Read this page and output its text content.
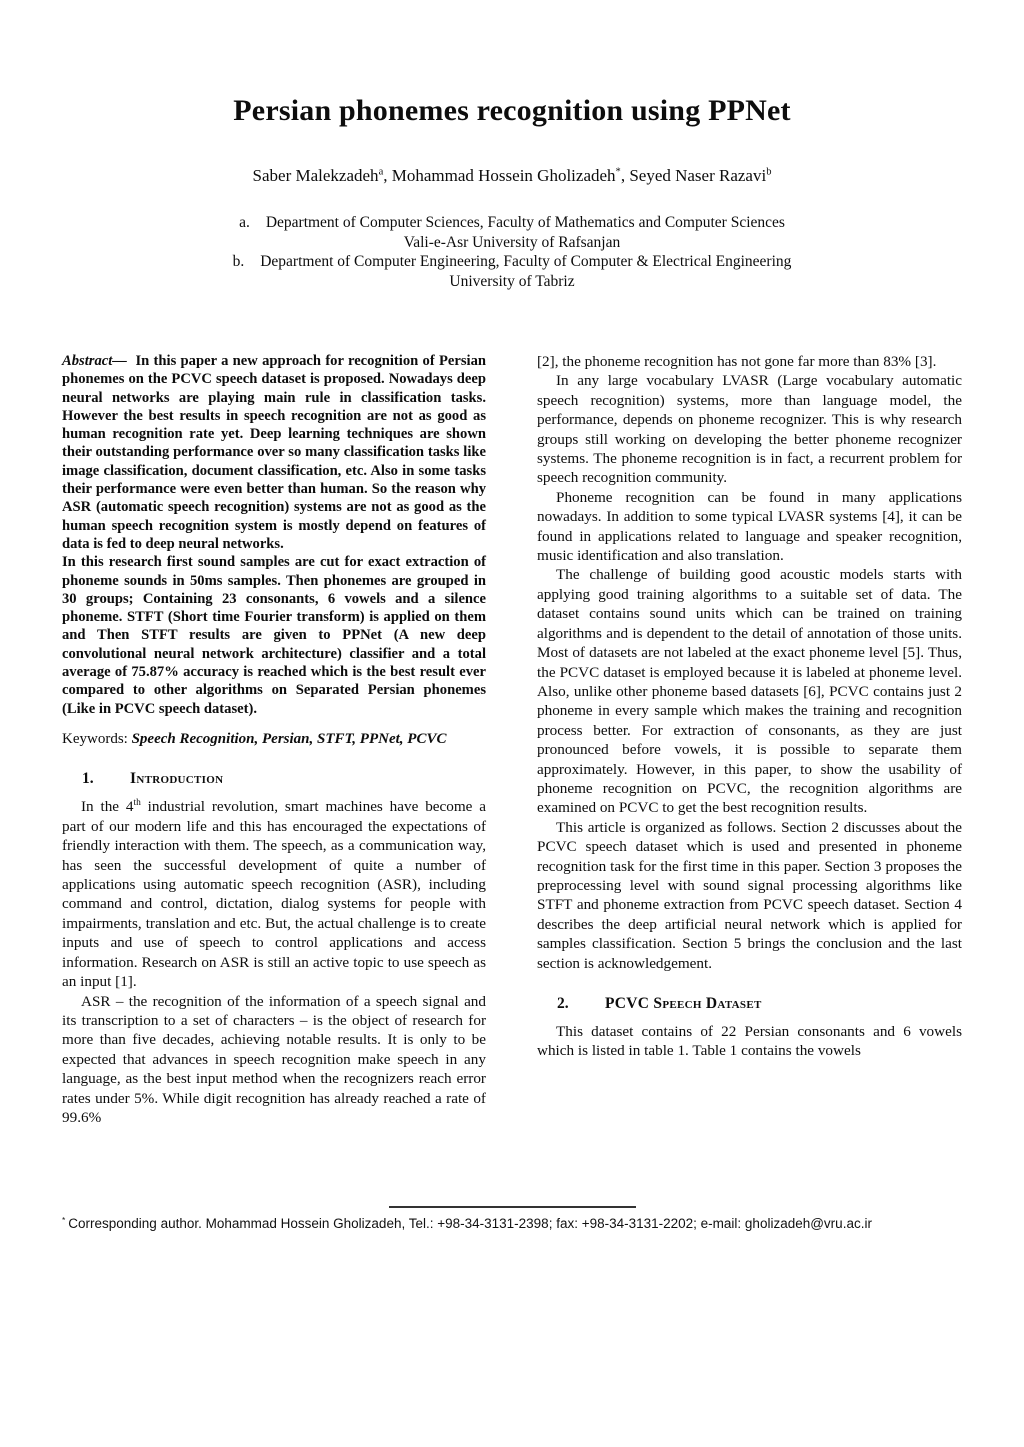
Persian phonemes recognition using PPNet
Saber Malekzadeh$^a$, Mohammad Hossein Gholizadeh*, Seyed Naser Razavi$^b$
a. Department of Computer Sciences, Faculty of Mathematics and Computer Sciences
Vali-e-Asr University of Rafsanjan
b. Department of Computer Engineering, Faculty of Computer & Electrical Engineering
University of Tabriz

Abstract— In this paper a new approach for recognition of Persian phonemes on the PCVC speech dataset is proposed. Nowadays deep neural networks are playing main rule in classification tasks. However the best results in speech recognition are not as good as human recognition rate yet. Deep learning techniques are shown their outstanding performance over so many classification tasks like image classification, document classification, etc. Also in some tasks their performance were even better than human. So the reason why ASR (automatic speech recognition) systems are not as good as the human speech recognition system is mostly depend on features of data is fed to deep neural networks.

In this research first sound samples are cut for exact extraction of phoneme sounds in 50ms samples. Then phonemes are grouped in 30 groups; Containing 23 consonants, 6 vowels and a silence phoneme. STFT (Short time Fourier transform) is applied on them and Then STFT results are given to PPNet (A new deep convolutional neural network architecture) classifier and a total average of 75.87% accuracy is reached which is the best result ever compared to other algorithms on Separated Persian phonemes (Like in PCVC speech dataset).

Keywords: Speech Recognition, Persian, STFT, PPNet, PCVC

1. Introduction

In the 4th industrial revolution, smart machines have become a part of our modern life and this has encouraged the expectations of friendly interaction with them. The speech, as a communication way, has seen the successful development of quite a number of applications using automatic speech recognition (ASR), including command and control, dictation, dialog systems for people with impairments, translation and etc. But, the actual challenge is to create inputs and use of speech to control applications and access information. Research on ASR is still an active topic to use speech as an input [1].

ASR – the recognition of the information of a speech signal and its transcription to a set of characters – is the object of research for more than five decades, achieving notable results. It is only to be expected that advances in speech recognition make speech in any language, as the best input method when the recognizers reach error rates under 5%. While digit recognition has already reached a rate of 99.6%

[2], the phoneme recognition has not gone far more than 83% [3].

In any large vocabulary LVASR (Large vocabulary automatic speech recognition) systems, more than language model, the performance, depends on phoneme recognizer. This is why research groups still working on developing the better phoneme recognizer systems. The phoneme recognition is in fact, a recurrent problem for speech recognition community.

Phoneme recognition can be found in many applications nowadays. In addition to some typical LVASR systems [4], it can be found in applications related to language and speaker recognition, music identification and also translation.

The challenge of building good acoustic models starts with applying good training algorithms to a suitable set of data. The dataset contains sound units which can be trained on training algorithms and is dependent to the detail of annotation of those units. Most of datasets are not labeled at the exact phoneme level [5]. Thus, the PCVC dataset is employed because it is labeled at phoneme level. Also, unlike other phoneme based datasets [6], PCVC contains just 2 phoneme in every sample which makes the training and recognition process better. For extraction of consonants, as they are just pronounced before vowels, it is possible to separate them approximately. However, in this paper, to show the usability of phoneme recognition on PCVC, the recognition algorithms are examined on PCVC to get the best recognition results.

This article is organized as follows. Section 2 discusses about the PCVC speech dataset which is used and presented in phoneme recognition task for the first time in this paper. Section 3 proposes the preprocessing level with sound signal processing algorithms like STFT and phoneme extraction from PCVC speech dataset. Section 4 describes the deep artificial neural network which is applied for samples classification. Section 5 brings the conclusion and the last section is acknowledgement.

2. PCVC Speech Dataset

This dataset contains of 22 Persian consonants and 6 vowels which is listed in table 1. Table 1 contains the vowels

* Corresponding author. Mohammad Hossein Gholizadeh, Tel.: +98-34-3131-2398; fax: +98-34-3131-2202; e-mail: gholizadeh@vru.ac.ir
